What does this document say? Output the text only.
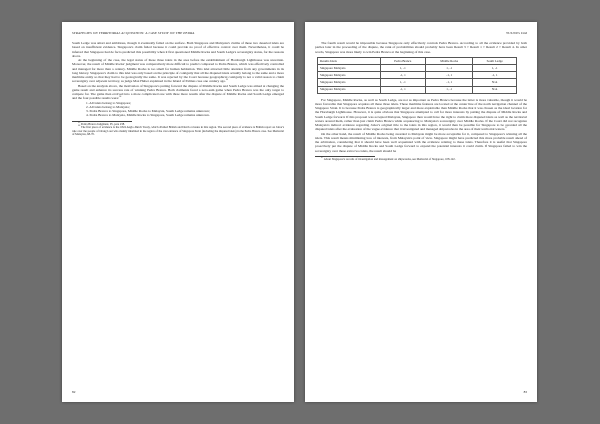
STRATEGIES ON TERRITORIAL ACQUISITION: A CASE STUDY ON THE PEDRA

South Ledge was smart and ambitious, though it eventually failed on the surface. Both Singapore and Malaysia's claims of these two deserted islets are based on insufficient evidence. Singapore's claim failed because it could provide no proof of effective control over them. Nevertheless, it could be inferred that Singapore had de facto predicted this possibility when it first questioned Middle Rocks and South Ledge's sovereignty status, for the reasons above.

At the beginning of the case, the legal status of these three islets in the area before the establishment of Horsburgh Lighthouse was uncertain. Moreover, the result of Middle Rocks' judgment was comparatively more difficult to predict compared to Pedra Branca, which was effectively controlled and managed for more than a century. Middle Rocks is too small for human habitation. This islet attracted little attention from any governments in its long history. Singapore's claim to this islet was only based on the principle of contiguity that all the disputed islets actually belong to the same and a more maritime entity so that they had to be geologically the same. It was rejected by the Court because geographical contiguity is not a valid reason to claim sovereignty over adjacent territory, as judge Max Huber explained in the Island of Palmas case one century ago.$^{55}$

Based on the analysis above, the motivation of Singapore's putting forward the dispute of Middle Rocks and South Ledge was aimed at changing the game result and enhance its success rate of winning Pedra Branca. Both claimants faced a zero-sum game when Pedra Branca was the only target to compete for. The game then evolved into a more complicated one with three more results after the dispute of Middle Rocks and South Ledge emerged and the four possible results were:$^{56}$

1. All islets belong to Singapore;
2. All islets belong to Malaysia;
3. Pedra Branca to Singapore, Middle Rocks to Malaysia, South Ledge remains unknown;
4. Pedra Branca to Malaysia, Middle Rocks to Singapore, South Ledge remains unknown.

$^{55}$ Pedra Branca Judgment, 95, para 238.

$^{56}$ The first piece of evidence is the 1824 Anglo-Dutch Treaty, which divided British and Dutch colonies in this region. The second piece of evidence is British report on Johor's rule over the people of Orang Laut who mainly inhabited in the region of the vast entrance of Singapore Strait (including the disputed islets) in the Pedra Branca case. See Memorial of Malaysia, 68-70.

82
YULONG DAI

The fourth result would be impossible because Singapore only effectively controls Pedra Branca. According to all the evidence provided by both parties later in the proceeding of the dispute, the rank of probabilities should probably have been Result 3 > Result 1 > Result 2 > Result 4. In other words, Singapore was more likely to win Pedra Branca at the beginning of this case.

Results Islets	Pedra Branca	Middle Rocks	South Ledge
Singapore Malaysia	1, -1	1, -1	1, -1
Singapore Malaysia	-1, 1	-1, 1	-1, 1
Singapore Malaysia	1, -1	-1, 1	N/A
Singapore Malaysia	-1, 1	1, -1	N/A

For Singapore, Middle Rocks, as well as South Ledge, are not as important as Pedra Branca because the latter is more valuable, though it would be more favorable that Singapore acquires all these three islets. These maritime features are located at the center line of the north navigation channel of the Singapore Strait. It is because Pedra Branca is geographically larger and more exploitable than Middle Rocks that it was chosen as the ideal location for the Horsburgh Lighthouse. However, it is quite obvious that Singapore attempted to call for more interests by putting the dispute of Middle Rocks and South Ledge forward. If this proposal was accepted Malaysia, Singapore then would have the right to claim more disputed islets as well as the territorial waters around them, rather than just claim Pedra Branca while acquiescing to Malaysia's sovereignty over Middle Rocks. If the Court did not recognize Malaysia's indirect evidence regarding Johor's original title to the islets in this region, it would then be possible for Singapore to be awarded all the disputed islets after the evaluation of the vague evidence that it investigated and managed shipwrecks in the area of their territorial waters.$^{57}$

On the other hand, the result of Middle Rocks being awarded to Malaysia might be more acceptable for it, compared to Singapore's winning all the islets. This result means minimizing loss of interests, from Malaysia's point of view. Singapore might have predicted this more probable result ahead of the arbitration, considering that it should have been well acquainted with the evidence relating to these islets. Therefore it is useful that Singapore proactively put the dispute of Middle Rocks and South Ledge forward to expand the potential interests it could claim. If Singapore failed to win the sovereignty over these extra two islets, the result should be

$^{57}$ About Singapore's records of investigation and management on shipwrecks, see Memorial of Singapore, 108-122.

83
